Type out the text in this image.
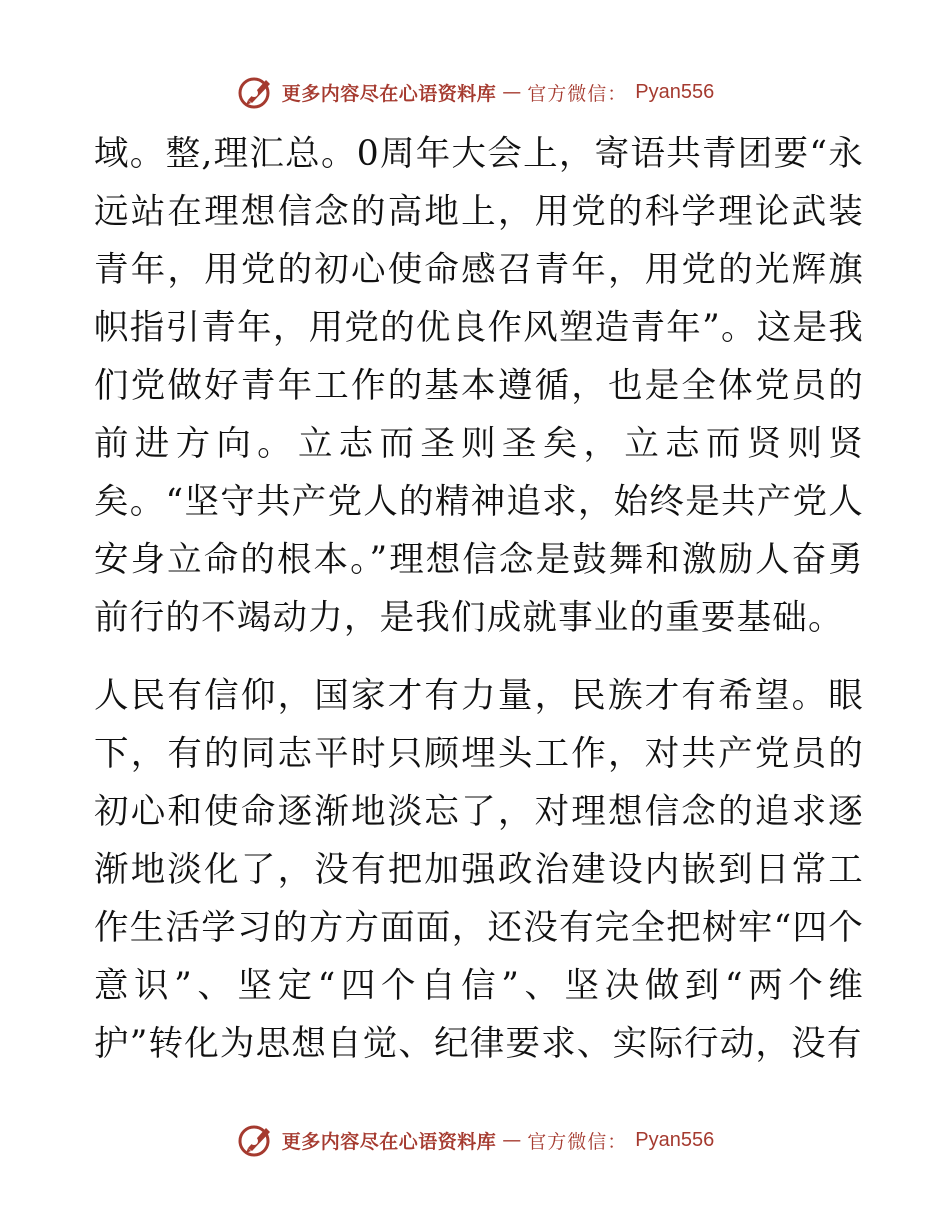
更多内容尽在心语资料库 — 官方微信： Pyan556

域。整,理汇总。0周年大会上，寄语共青团要“永远站在理想信念的高地上，用党的科学理论武装青年，用党的初心使命感召青年，用党的光辉旗帜指引青年，用党的优良作风塑造青年”。这是我们党做好青年工作的基本遵循，也是全体党员的前进方向。立志而圣则圣矣，立志而贤则贤矣。“坚守共产党人的精神追求，始终是共产党人安身立命的根本。”理想信念是鼓舞和激励人奋勇前行的不竭动力，是我们成就事业的重要基础。

人民有信仰，国家才有力量，民族才有希望。眼下，有的同志平时只顾埋头工作，对共产党员的初心和使命逐渐地淡忘了，对理想信念的追求逐渐地淡化了，没有把加强政治建设内嵌到日常工作生活学习的方方面面，还没有完全把树牢“四个意识”、坚定“四个自信”、坚决做到“两个维护”转化为思想自觉、纪律要求、实际行动，没有

更多内容尽在心语资料库 — 官方微信： Pyan556
